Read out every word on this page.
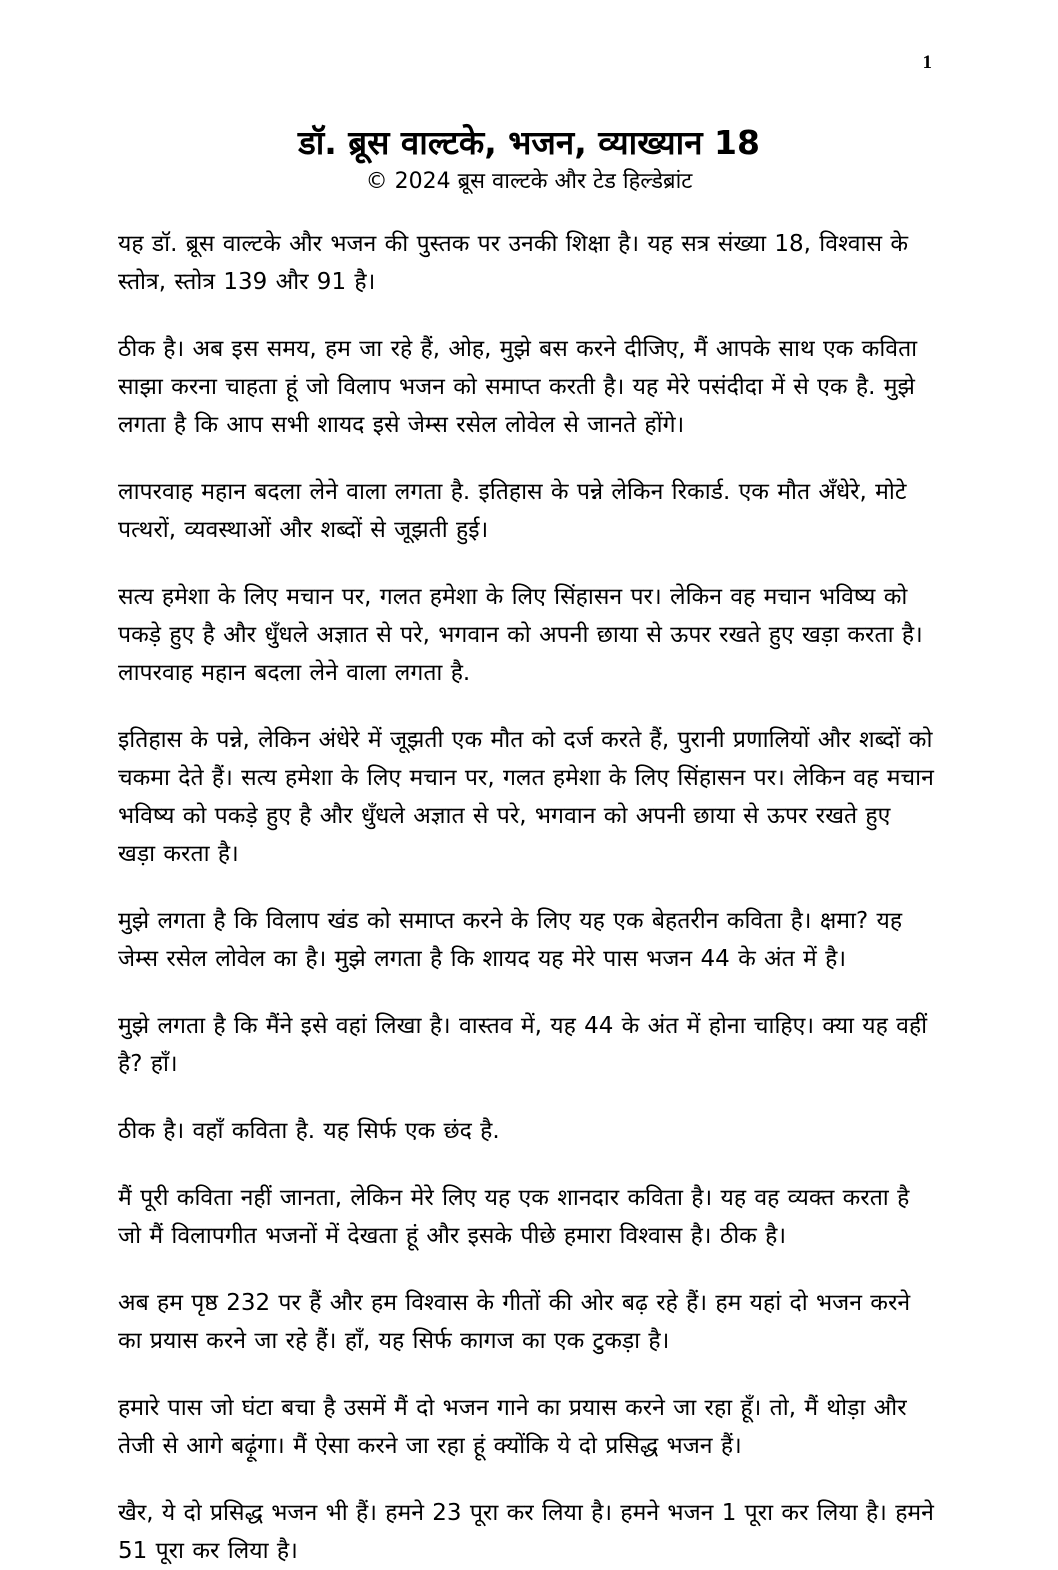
1
डॉ. ब्रूस वाल्टके, भजन, व्याख्यान 18
© 2024 ब्रूस वाल्टके और टेड हिल्डेब्रांट

यह डॉ. ब्रूस वाल्टके और भजन की पुस्तक पर उनकी शिक्षा है। यह सत्र संख्या 18, विश्वास के स्तोत्र, स्तोत्र 139 और 91 है।

ठीक है। अब इस समय, हम जा रहे हैं, ओह, मुझे बस करने दीजिए, मैं आपके साथ एक कविता साझा करना चाहता हूं जो विलाप भजन को समाप्त करती है। यह मेरे पसंदीदा में से एक है. मुझे लगता है कि आप सभी शायद इसे जेम्स रसेल लोवेल से जानते होंगे।

लापरवाह महान बदला लेने वाला लगता है. इतिहास के पन्ने लेकिन रिकार्ड. एक मौत अँधेरे, मोटे पत्थरों, व्यवस्थाओं और शब्दों से जूझती हुई।

सत्य हमेशा के लिए मचान पर, गलत हमेशा के लिए सिंहासन पर। लेकिन वह मचान भविष्य को पकड़े हुए है और धुँधले अज्ञात से परे, भगवान को अपनी छाया से ऊपर रखते हुए खड़ा करता है। लापरवाह महान बदला लेने वाला लगता है.

इतिहास के पन्ने, लेकिन अंधेरे में जूझती एक मौत को दर्ज करते हैं, पुरानी प्रणालियों और शब्दों को चकमा देते हैं। सत्य हमेशा के लिए मचान पर, गलत हमेशा के लिए सिंहासन पर। लेकिन वह मचान भविष्य को पकड़े हुए है और धुँधले अज्ञात से परे, भगवान को अपनी छाया से ऊपर रखते हुए खड़ा करता है।

मुझे लगता है कि विलाप खंड को समाप्त करने के लिए यह एक बेहतरीन कविता है। क्षमा? यह जेम्स रसेल लोवेल का है। मुझे लगता है कि शायद यह मेरे पास भजन 44 के अंत में है।

मुझे लगता है कि मैंने इसे वहां लिखा है। वास्तव में, यह 44 के अंत में होना चाहिए। क्या यह वहीं है? हाँ।

ठीक है। वहाँ कविता है. यह सिर्फ एक छंद है.

मैं पूरी कविता नहीं जानता, लेकिन मेरे लिए यह एक शानदार कविता है। यह वह व्यक्त करता है जो मैं विलापगीत भजनों में देखता हूं और इसके पीछे हमारा विश्वास है। ठीक है।

अब हम पृष्ठ 232 पर हैं और हम विश्वास के गीतों की ओर बढ़ रहे हैं। हम यहां दो भजन करने का प्रयास करने जा रहे हैं। हाँ, यह सिर्फ कागज का एक टुकड़ा है।

हमारे पास जो घंटा बचा है उसमें मैं दो भजन गाने का प्रयास करने जा रहा हूँ। तो, मैं थोड़ा और तेजी से आगे बढ़ूंगा। मैं ऐसा करने जा रहा हूं क्योंकि ये दो प्रसिद्ध भजन हैं।

खैर, ये दो प्रसिद्ध भजन भी हैं। हमने 23 पूरा कर लिया है। हमने भजन 1 पूरा कर लिया है। हमने 51 पूरा कर लिया है।
